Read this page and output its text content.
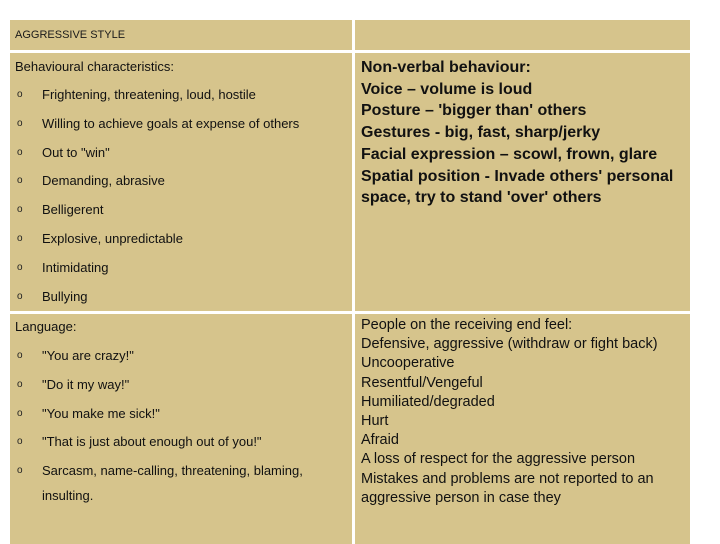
AGGRESSIVE STYLE
Behavioural characteristics:
o Frightening, threatening, loud, hostile
o Willing to achieve goals at expense of others
o Out to "win"
o Demanding, abrasive
o Belligerent
o Explosive, unpredictable
o Intimidating
o Bullying
Non-verbal behaviour:
Voice – volume is loud
Posture – 'bigger than' others
Gestures - big, fast, sharp/jerky
Facial expression – scowl, frown, glare
Spatial position - Invade others' personal space, try to stand 'over' others
Language:
o "You are crazy!"
o "Do it my way!"
o "You make me sick!"
o "That is just about enough out of you!"
o Sarcasm, name-calling, threatening, blaming,
insulting.
People on the receiving end feel:
Defensive, aggressive (withdraw or fight back)
Uncooperative
Resentful/Vengeful
Humiliated/degraded
Hurt
Afraid
A loss of respect for the aggressive person
Mistakes and problems are not reported to an aggressive person in case they
